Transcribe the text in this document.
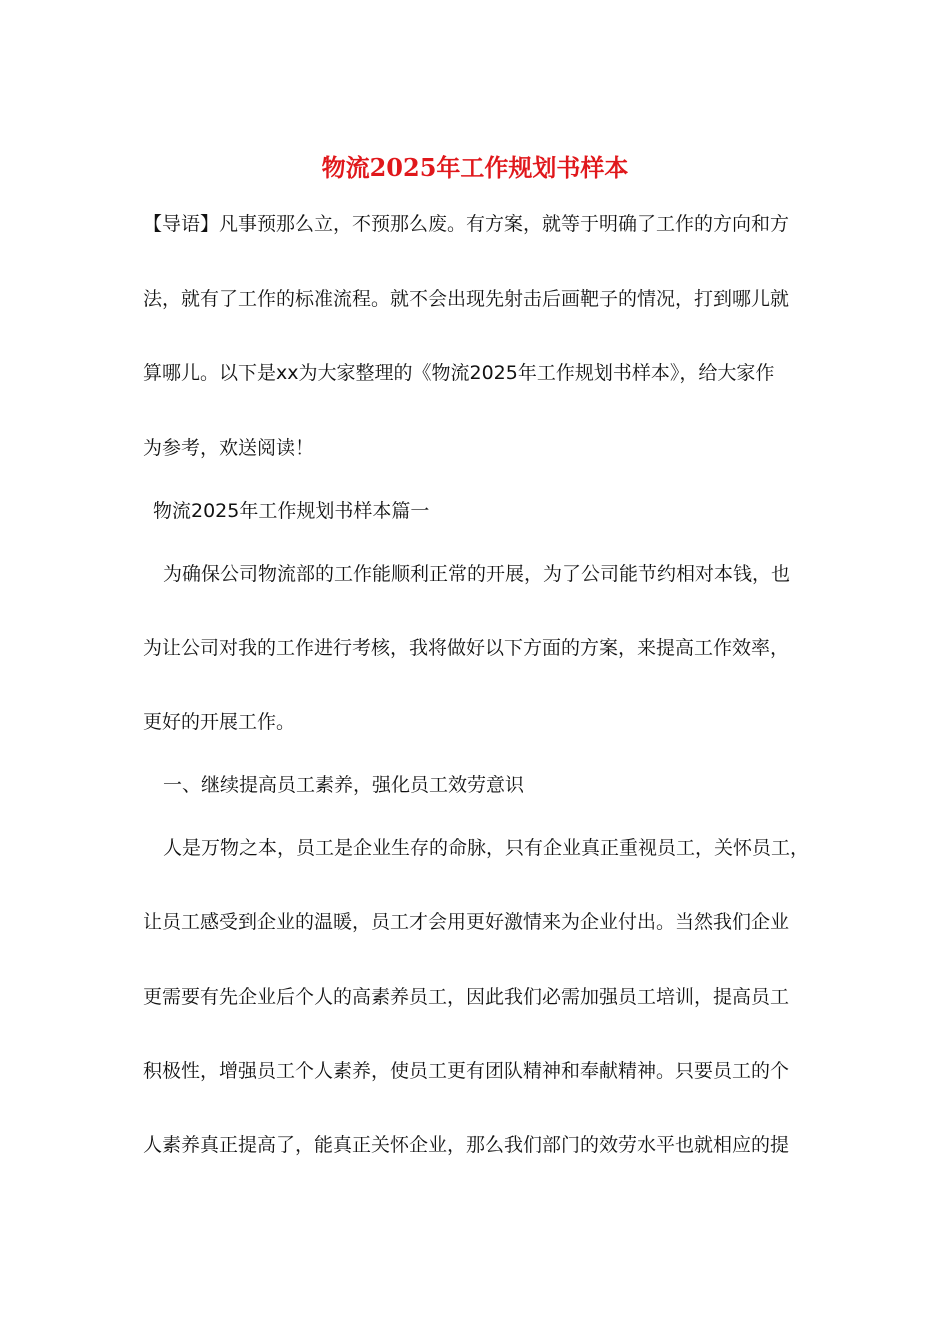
物流2025年工作规划书样本

【导语】凡事预那么立，不预那么废。有方案，就等于明确了工作的方向和方

法，就有了工作的标准流程。就不会出现先射击后画靶子的情况，打到哪儿就

算哪儿。以下是xx为大家整理的《物流2025年工作规划书样本》，给大家作

为参考，欢送阅读！

物流2025年工作规划书样本篇一

为确保公司物流部的工作能顺利正常的开展，为了公司能节约相对本钱，也

为让公司对我的工作进行考核，我将做好以下方面的方案，来提高工作效率，

更好的开展工作。

一、继续提高员工素养，强化员工效劳意识

人是万物之本，员工是企业生存的命脉，只有企业真正重视员工，关怀员工，

让员工感受到企业的温暖，员工才会用更好激情来为企业付出。当然我们企业

更需要有先企业后个人的高素养员工，因此我们必需加强员工培训，提高员工

积极性，增强员工个人素养，使员工更有团队精神和奉献精神。只要员工的个

人素养真正提高了，能真正关怀企业，那么我们部门的效劳水平也就相应的提
